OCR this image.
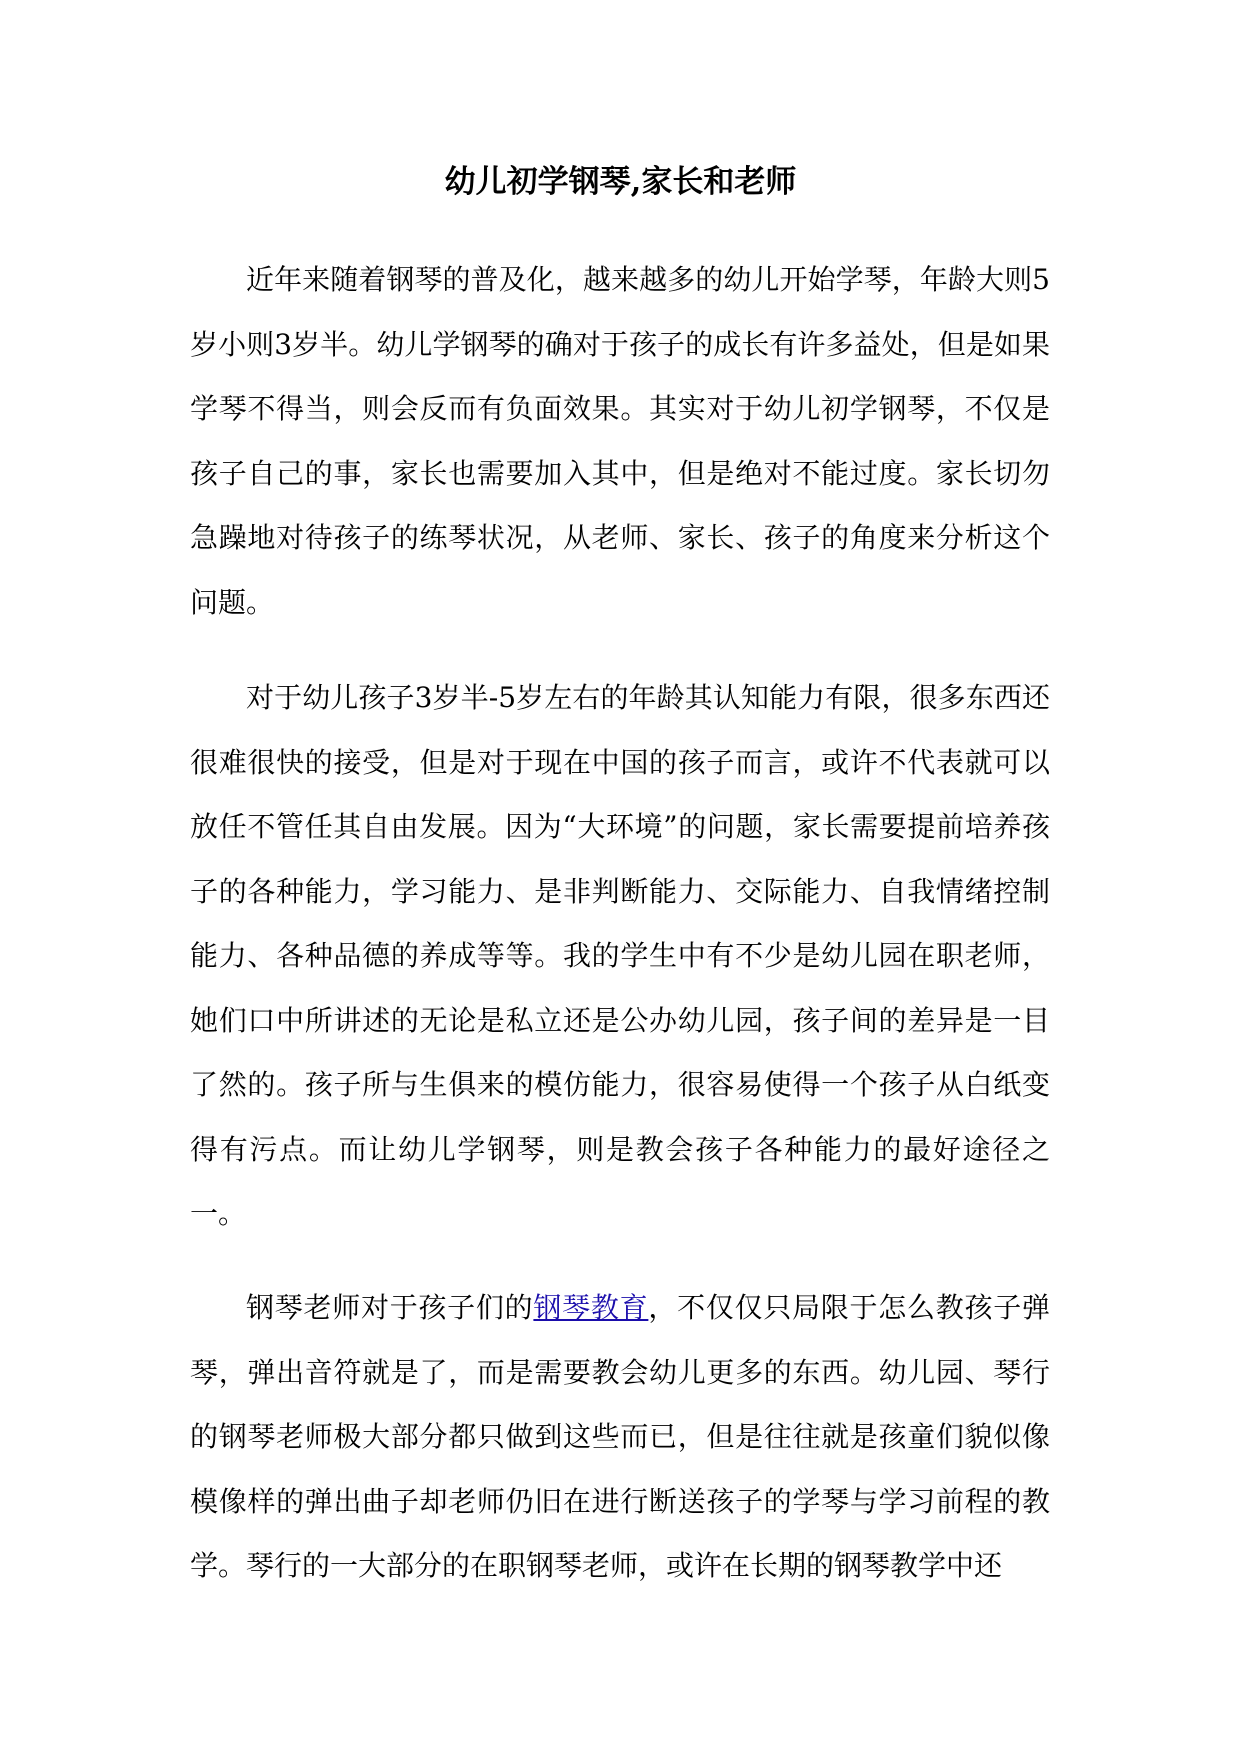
幼儿初学钢琴,家长和老师

近年来随着钢琴的普及化，越来越多的幼儿开始学琴，年龄大则5岁小则3岁半。幼儿学钢琴的确对于孩子的成长有许多益处，但是如果学琴不得当，则会反而有负面效果。其实对于幼儿初学钢琴，不仅是孩子自己的事，家长也需要加入其中，但是绝对不能过度。家长切勿急躁地对待孩子的练琴状况，从老师、家长、孩子的角度来分析这个问题。

对于幼儿孩子3岁半-5岁左右的年龄其认知能力有限，很多东西还很难很快的接受，但是对于现在中国的孩子而言，或许不代表就可以放任不管任其自由发展。因为“大环境”的问题，家长需要提前培养孩子的各种能力，学习能力、是非判断能力、交际能力、自我情绪控制能力、各种品德的养成等等。我的学生中有不少是幼儿园在职老师，她们口中所讲述的无论是私立还是公办幼儿园，孩子间的差异是一目了然的。孩子所与生俱来的模仿能力，很容易使得一个孩子从白纸变得有污点。而让幼儿学钢琴，则是教会孩子各种能力的最好途径之一。

钢琴老师对于孩子们的钢琴教育，不仅仅只局限于怎么教孩子弹琴，弹出音符就是了，而是需要教会幼儿更多的东西。幼儿园、琴行的钢琴老师极大部分都只做到这些而已，但是往往就是孩童们貌似像模像样的弹出曲子却老师仍旧在进行断送孩子的学琴与学习前程的教学。琴行的一大部分的在职钢琴老师，或许在长期的钢琴教学中还
